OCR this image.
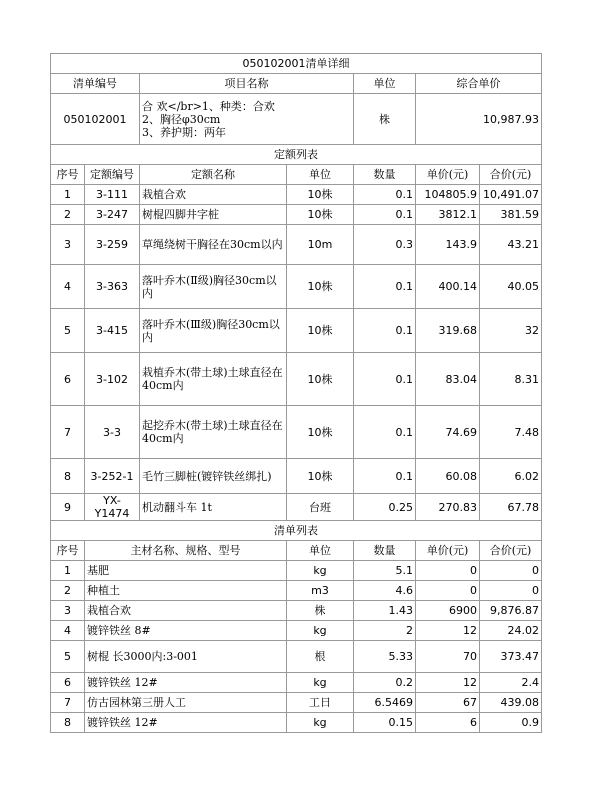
050102001清单详细						
清单编号		项目名称		单位	综合单价	
050102001		合 欢</br>1、种类：合欢
2、胸径φ30cm
3、养护期：两年		株	10,987.93	
定额列表						
序号	定额编号	定额名称	单位	数量	单价(元)	合价(元)
1	3-111	栽植合欢	10株	0.1	104805.9	10,491.07
2	3-247	树棍四脚井字桩	10株	0.1	3812.1	381.59
3	3-259	草绳绕树干胸径在30cm以内	10m	0.3	143.9	43.21
4	3-363	落叶乔木(Ⅱ级)胸径30cm以内	10株	0.1	400.14	40.05
5	3-415	落叶乔木(Ⅲ级)胸径30cm以内	10株	0.1	319.68	32
6	3-102	栽植乔木(带土球)土球直径在40cm内	10株	0.1	83.04	8.31
7	3-3	起挖乔木(带土球)土球直径在40cm内	10株	0.1	74.69	7.48
8	3-252-1	毛竹三脚桩(镀锌铁丝绑扎)	10株	0.1	60.08	6.02
9	YX-Y1474	机动翻斗车 1t	台班	0.25	270.83	67.78
清单列表						
序号	主材名称、规格、型号		单位	数量	单价(元)	合价(元)
1	基肥		kg	5.1	0	0
2	种植土		m3	4.6	0	0
3	栽植合欢		株	1.43	6900	9,876.87
4	镀锌铁丝 8#		kg	2	12	24.02
5	树棍 长3000内:3-001		根	5.33	70	373.47
6	镀锌铁丝 12#		kg	0.2	12	2.4
7	仿古园林第三册人工		工日	6.5469	67	439.08
8	镀锌铁丝 12#		kg	0.15	6	0.9
